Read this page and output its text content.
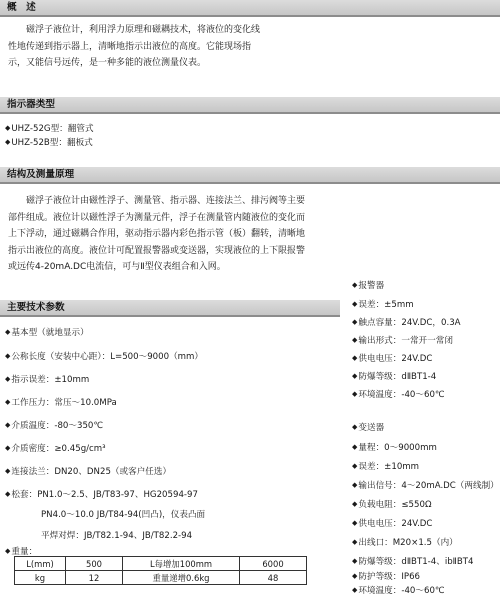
概　述
　　磁浮子液位计，利用浮力原理和磁耦技术，将液位的变化线
性地传递到指示器上，清晰地指示出液位的高度。它能现场指
示，又能信号远传，是一种多能的液位测量仪表。
指示器类型
◆UHZ-52G型：翻管式
◆UHZ-52B型：翻板式
结构及测量原理
　　磁浮子液位计由磁性浮子、测量管、指示器、连接法兰、排污阀等主要
部件组成。液位计以磁性浮子为测量元件，浮子在测量管内随液位的变化而
上下浮动，通过磁耦合作用，驱动指示器内彩色指示管（板）翻转，清晰地
指示出液位的高度。液位计可配置报警器或变送器，实现液位的上下限报警
或远传4-20mA.DC电流信，可与Ⅱ型仪表组合和入网。
主要技术参数
◆基本型（就地显示）
◆公称长度（安装中心距）：L=500～9000（mm）
◆指示误差：±10mm
◆工作压力：常压～10.0MPa
◆介质温度：-80～350℃
◆介质密度：≥0.45g/cm³
◆连接法兰：DN20、DN25（或客户任选）
◆松套：PN1.0～2.5、JB/T83-97、HG20594-97
PN4.0～10.0 JB/T84-94(凹凸)，仪表凸面
平焊对焊：JB/T82.1-94、JB/T82.2-94
◆重量：
L(mm)	500	L每增加100mm	6000
kg	12	重量递增0.6kg	48
◆报警器
◆误差：±5mm
◆触点容量：24V.DC，0.3A
◆输出形式：一常开一常闭
◆供电电压：24V.DC
◆防爆等级：dⅡBT1-4
◆环境温度：-40～60℃
◆变送器
◆量程：0～9000mm
◆误差：±10mm
◆输出信号：4～20mA.DC（两线制）
◆负载电阻：≤550Ω
◆供电电压：24V.DC
◆出线口：M20×1.5（内）
◆防爆等级：dⅡBT1-4、ibⅡBT4
◆防护等级：IP66
◆环境温度：-40～60℃
